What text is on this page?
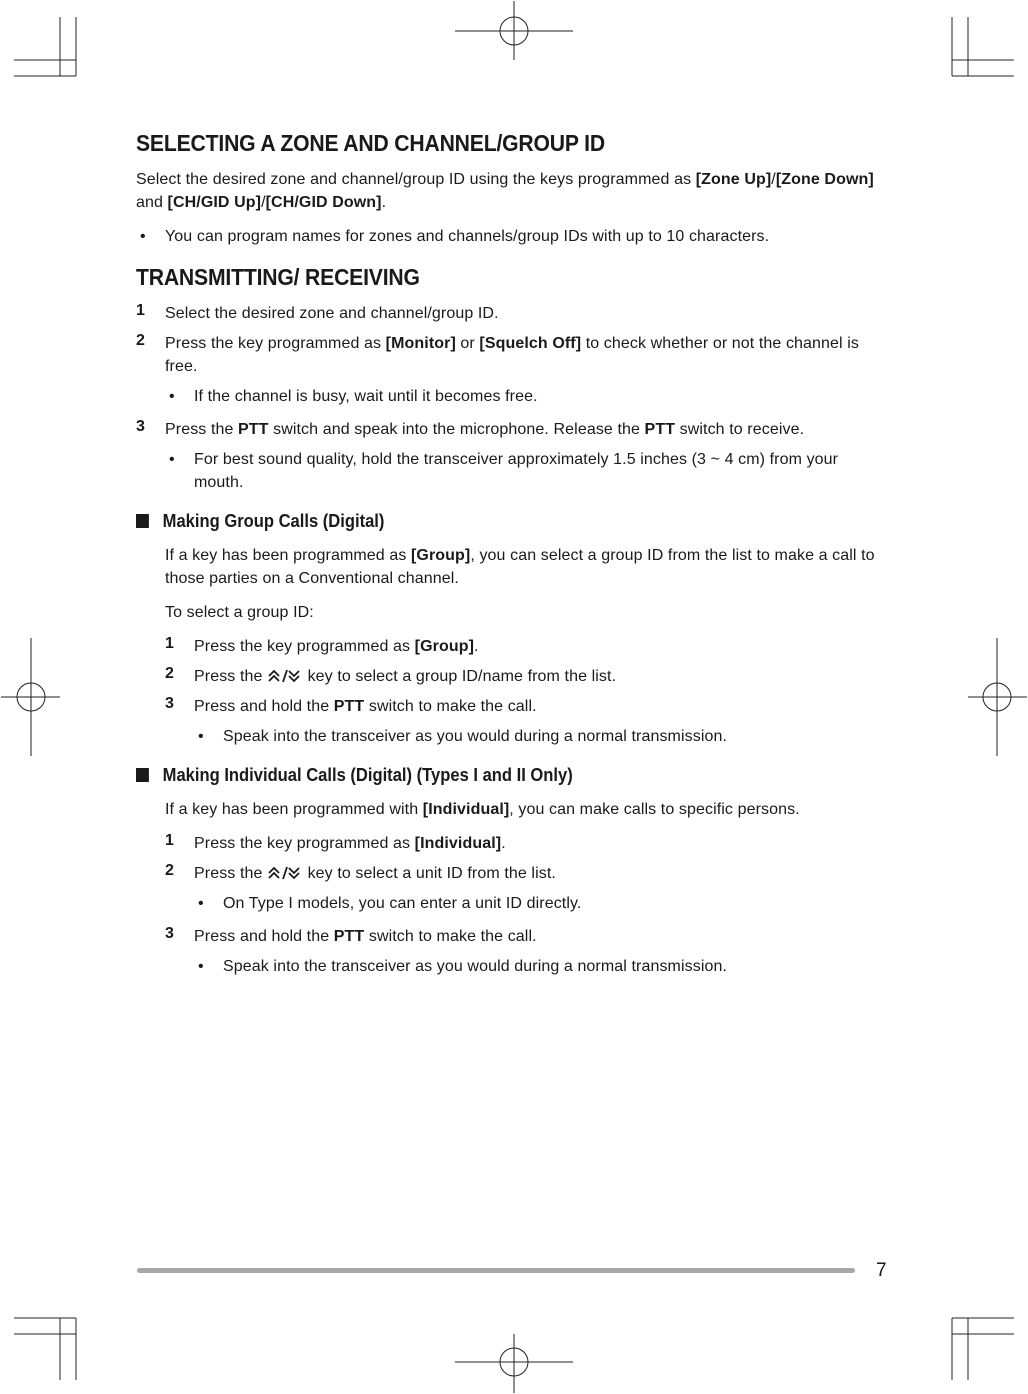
SELECTING A ZONE AND CHANNEL/GROUP ID

Select the desired zone and channel/group ID using the keys programmed as [Zone Up]/[Zone Down] and [CH/GID Up]/[CH/GID Down].

• You can program names for zones and channels/group IDs with up to 10 characters.

TRANSMITTING/ RECEIVING
1 Select the desired zone and channel/group ID.

2 Press the key programmed as [Monitor] or [Squelch Off] to check whether or not the channel is free.

• If the channel is busy, wait until it becomes free.

3 Press the PTT switch and speak into the microphone. Release the PTT switch to receive.

• For best sound quality, hold the transceiver approximately 1.5 inches (3 ~ 4 cm) from your mouth.

Making Group Calls (Digital)

If a key has been programmed as [Group], you can select a group ID from the list to make a call to those parties on a Conventional channel.

To select a group ID:

1 Press the key programmed as [Group].

2 Press the  key to select a group ID/name from the list.

3 Press and hold the PTT switch to make the call.

• Speak into the transceiver as you would during a normal transmission.

Making Individual Calls (Digital) (Types I and II Only)

If a key has been programmed with [Individual], you can make calls to specific persons.

1 Press the key programmed as [Individual].

2 Press the  key to select a unit ID from the list.

• On Type I models, you can enter a unit ID directly.

3 Press and hold the PTT switch to make the call.

• Speak into the transceiver as you would during a normal transmission.

7
